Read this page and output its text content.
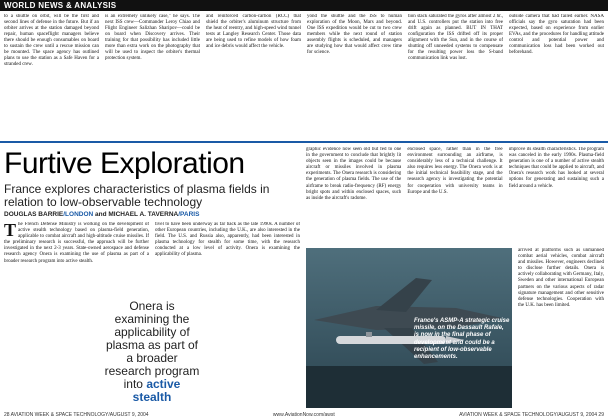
WORLD NEWS & ANALYSIS
to a shuttle on orbit, will be the first and second lines of defense in the future. But if an orbiter arrives at the station damaged beyond repair, human spaceflight managers believe there should be enough consumables on board to sustain the crew until a rescue mission can be mounted. The space agency has outlined plans to use the station as a Safe Haven for a stranded crew.
is an extremely unlikely case," he says. The next ISS crew—Commander Leroy Chiao and Flight Engineer Salizhan Sharipov—could be on board when Discovery arrives. Their training for that possibility has included little more than extra work on the photography that will be used to inspect the orbiter's thermal protection system.
and reinforced carbon-carbon (RCC) that shield the orbiter's aluminum structure from the heat of reentry, and high-speed wind tunnel tests at Langley Research Center. Those data are being used to refine models of how foam and ice debris would affect the vehicle.
yond the shuttle and the ISS to human exploration of the Moon, Mars and beyond. One ISS expedition would be cut to two crew members while the next round of station assembly flights is scheduled, and managers are studying how that would affect crew time for science.
tion stack saturated the gyros after almost 2 hr., and U.S. controllers put the station into free drift again as planned. BUT IN THAT configuration the ISS drifted off its proper alignment with the Sun, and in the course of shutting off unneeded systems to compensate for the resulting power loss the S-band communication link was lost.
outside camera that had failed earlier. NASA officials say the gyro saturation had been expected, based on experience from earlier EVAs, and the procedures for handling attitude control and potential power and communication loss had been worked out beforehand.
Furtive Exploration
France explores characteristics of plasma fields in relation to low-observable technology
DOUGLAS BARRIE/LONDON and MICHAEL A. TAVERNA/PARIS
The French Defense Ministry is working on the development of active stealth technology based on plasma-field generation, applicable to combat aircraft and high-altitude cruise missiles. If the preliminary research is successful, the approach will be further investigated in the next 2-3 years. State-owned aerospace and defense research agency Onera is examining the use of plasma as part of a broader research program into active stealth.
tivel to have been underway as far back as the late 1990s. A number of other European countries, including the U.K., are also interested in the field. The U.S. and Russia also, apparently, had been interested in plasma technology for stealth for some time, with the research conducted at a low level of activity. Onera is examining the applicability of plasma.
Onera is examining the applicability of plasma as part of a broader research program into active stealth
graphic evidence now seen old but fed to one in the government to conclude that brightly lit objects seen in the images could be because aircraft or missiles involved in plasma experiments. The Onera research is considering the generation of plasma fields. The use of the airframe to break radio-frequency (RF) energy bright spots and within enclosed spaces, such as inside the aircraft's radome.
enclosed space, rather than in the free environment surrounding an airframe, is considerably less of a technical challenge. It also requires less energy. The Onera work is at the initial technical feasibility stage, and the research agency is investigating the potential for cooperation with university teams in Europe and the U.S.
improve its stealth characteristics. The program was canceled in the early 1990s. Plasma-field generation is one of a number of active stealth techniques that could be applied to aircraft, and Onera's research work has looked at several options for generating and sustaining such a field around a vehicle.
France's ASMP-A strategic cruise missile, on the Dassault Rafale, is now in the final phase of development and could be a recipient of low-observable enhancements.
arrived at platforms such as unmanned combat aerial vehicles, combat aircraft and missiles. However, engineers declined to disclose further details. Onera is actively collaborating with Germany, Italy, Sweden and other international European partners on the various aspects of radar signature management and other sensitive defense technologies. Cooperation with the U.K. has been limited.
28 AVIATION WEEK & SPACE TECHNOLOGY/AUGUST 9, 2004	www.AviationNow.com/awst	AVIATION WEEK & SPACE TECHNOLOGY/AUGUST 9, 2004 29
